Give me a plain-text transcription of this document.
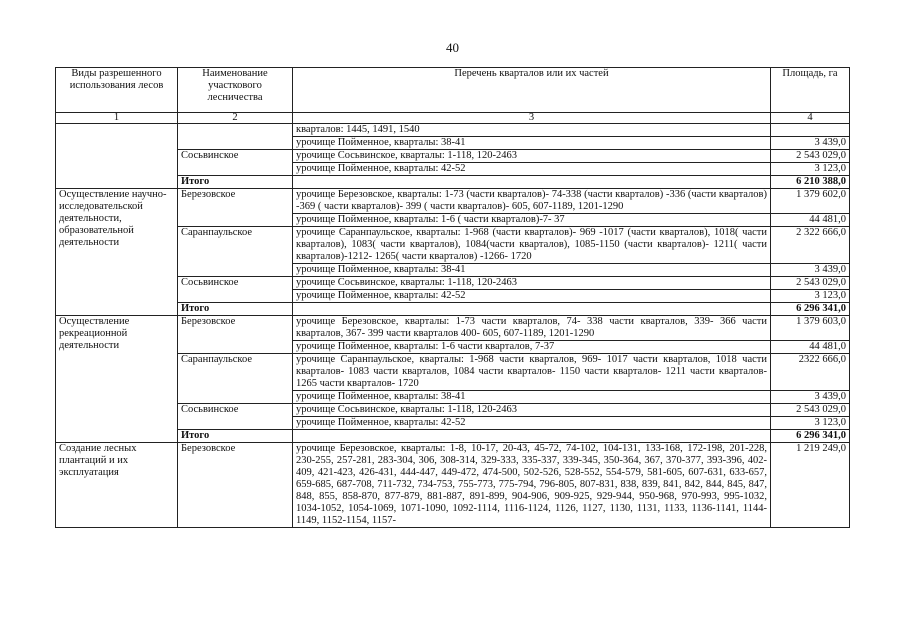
40
Виды разрешенного использования лесов	Наименование участкового лесничества	Перечень кварталов или их частей	Площадь, га
1	2	3	4
		кварталов: 1445, 1491, 1540	
		урочище Пойменное, кварталы: 38-41	3 439,0
	Сосьвинское	урочище Сосьвинское, кварталы: 1-118, 120-2463	2 543 029,0
		урочище Пойменное, кварталы: 42-52	3 123,0
	Итого		6 210 388,0
Осуществление научно-исследовательской деятельности, образовательной деятельности	Березовское	урочище Березовское, кварталы: 1-73 (части кварталов)- 74-338 (части кварталов) -336 (части кварталов) -369 ( части кварталов)- 399 ( части кварталов)- 605, 607-1189, 1201-1290	1 379 602,0
		урочище Пойменное, кварталы: 1-6 ( части кварталов)-7- 37	44 481,0
	Саранпаульское	урочище Саранпаульское, кварталы: 1-968 (части кварталов)- 969 -1017 (части кварталов), 1018( части кварталов), 1083( части кварталов), 1084(части кварталов), 1085-1150 (части кварталов)- 1211( части кварталов)-1212- 1265( части кварталов) -1266- 1720	2 322 666,0
		урочище Пойменное, кварталы: 38-41	3 439,0
	Сосьвинское	урочище Сосьвинское, кварталы: 1-118, 120-2463	2 543 029,0
		урочище Пойменное, кварталы: 42-52	3 123,0
	Итого		6 296 341,0
Осуществление рекреационной деятельности	Березовское	урочище Березовское, кварталы: 1-73 части кварталов, 74- 338 части кварталов, 339- 366 части кварталов, 367- 399 части кварталов 400- 605, 607-1189, 1201-1290	1 379 603,0
		урочище Пойменное, кварталы: 1-6 части кварталов, 7-37	44 481,0
	Саранпаульское	урочище Саранпаульское, кварталы: 1-968 части кварталов, 969- 1017 части кварталов, 1018 части кварталов- 1083 части кварталов, 1084 части кварталов- 1150 части кварталов- 1211 части кварталов- 1265 части кварталов- 1720	2322 666,0
		урочище Пойменное, кварталы: 38-41	3 439,0
	Сосьвинское	урочище Сосьвинское, кварталы: 1-118, 120-2463	2 543 029,0
		урочище Пойменное, кварталы: 42-52	3 123,0
	Итого		6 296 341,0
Создание лесных плантаций и их эксплуатация	Березовское	урочище Березовское, кварталы: 1-8, 10-17, 20-43, 45-72, 74-102, 104-131, 133-168, 172-198, 201-228, 230-255, 257-281, 283-304, 306, 308-314, 329-333, 335-337, 339-345, 350-364, 367, 370-377, 393-396, 402-409, 421-423, 426-431, 444-447, 449-472, 474-500, 502-526, 528-552, 554-579, 581-605, 607-631, 633-657, 659-685, 687-708, 711-732, 734-753, 755-773, 775-794, 796-805, 807-831, 838, 839, 841, 842, 844, 845, 847, 848, 855, 858-870, 877-879, 881-887, 891-899, 904-906, 909-925, 929-944, 950-968, 970-993, 995-1032, 1034-1052, 1054-1069, 1071-1090, 1092-1114, 1116-1124, 1126, 1127, 1130, 1131, 1133, 1136-1141, 1144-1149, 1152-1154, 1157-	1 219 249,0
